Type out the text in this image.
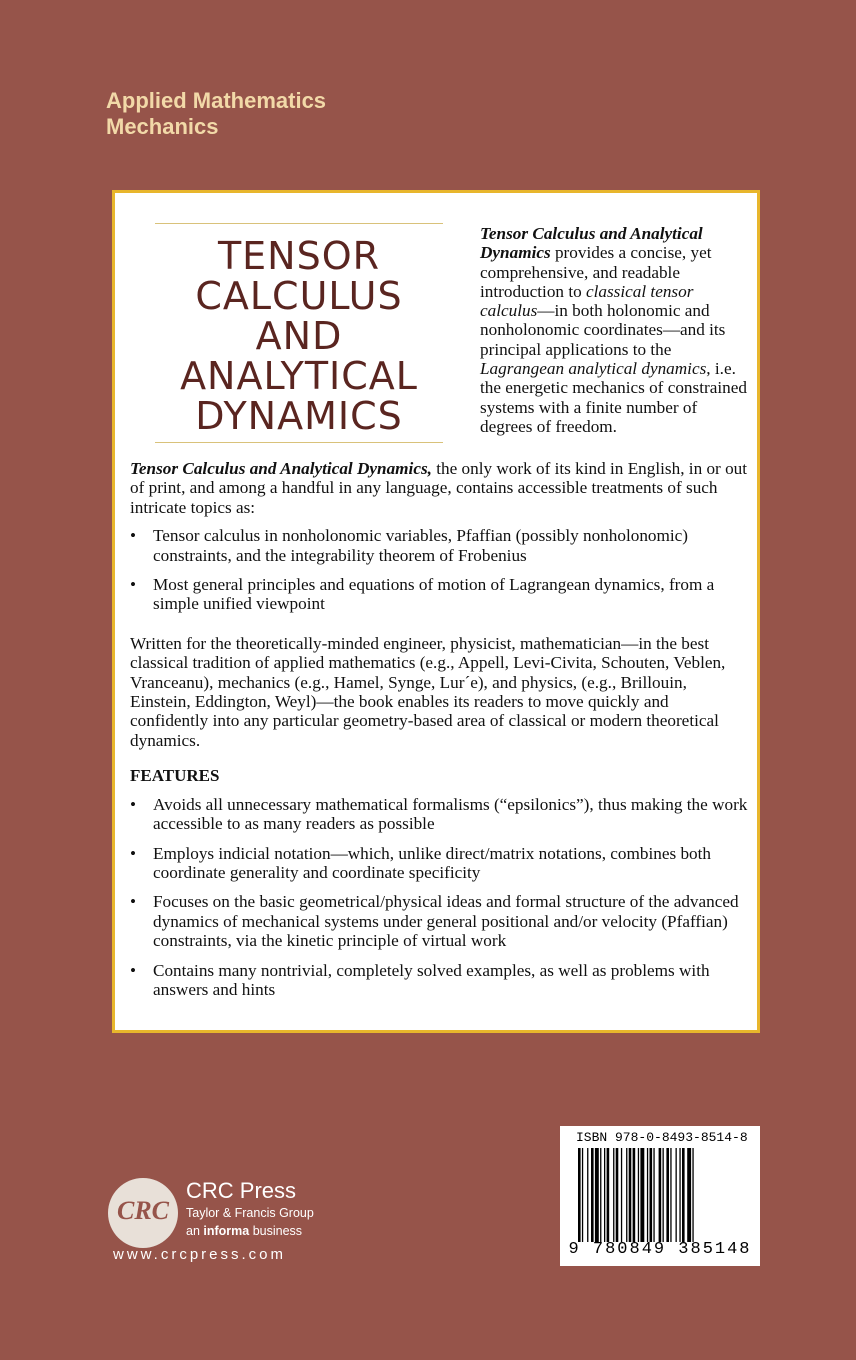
Applied Mathematics
Mechanics
TENSOR
CALCULUS
AND
ANALYTICAL
DYNAMICS
Tensor Calculus and Analytical Dynamics provides a concise, yet comprehensive, and readable introduction to classical tensor calculus—in both holonomic and nonholonomic coordinates—and its principal applications to the Lagrangean analytical dynamics, i.e. the energetic mechanics of constrained systems with a finite number of degrees of freedom.

Tensor Calculus and Analytical Dynamics, the only work of its kind in English, in or out of print, and among a handful in any language, contains accessible treatments of such intricate topics as:

• Tensor calculus in nonholonomic variables, Pfaffian (possibly nonholonomic) constraints, and the integrability theorem of Frobenius
• Most general principles and equations of motion of Lagrangean dynamics, from a simple unified viewpoint

Written for the theoretically-minded engineer, physicist, mathematician—in the best classical tradition of applied mathematics (e.g., Appell, Levi-Civita, Schouten, Veblen, Vranceanu), mechanics (e.g., Hamel, Synge, Lur´e), and physics, (e.g., Brillouin, Einstein, Eddington, Weyl)—the book enables its readers to move quickly and confidently into any particular geometry-based area of classical or modern theoretical dynamics.

FEATURES

• Avoids all unnecessary mathematical formalisms (“epsilonics”), thus making the work accessible to as many readers as possible
• Employs indicial notation—which, unlike direct/matrix notations, combines both coordinate generality and coordinate specificity
• Focuses on the basic geometrical/physical ideas and formal structure of the advanced dynamics of mechanical systems under general positional and/or velocity (Pfaffian) constraints, via the kinetic principle of virtual work
• Contains many nontrivial, completely solved examples, as well as problems with answers and hints
CRC
CRC Press
Taylor & Francis Group
an informa business
www.crcpress.com
ISBN 978-0-8493-8514-8
9 780849 385148
